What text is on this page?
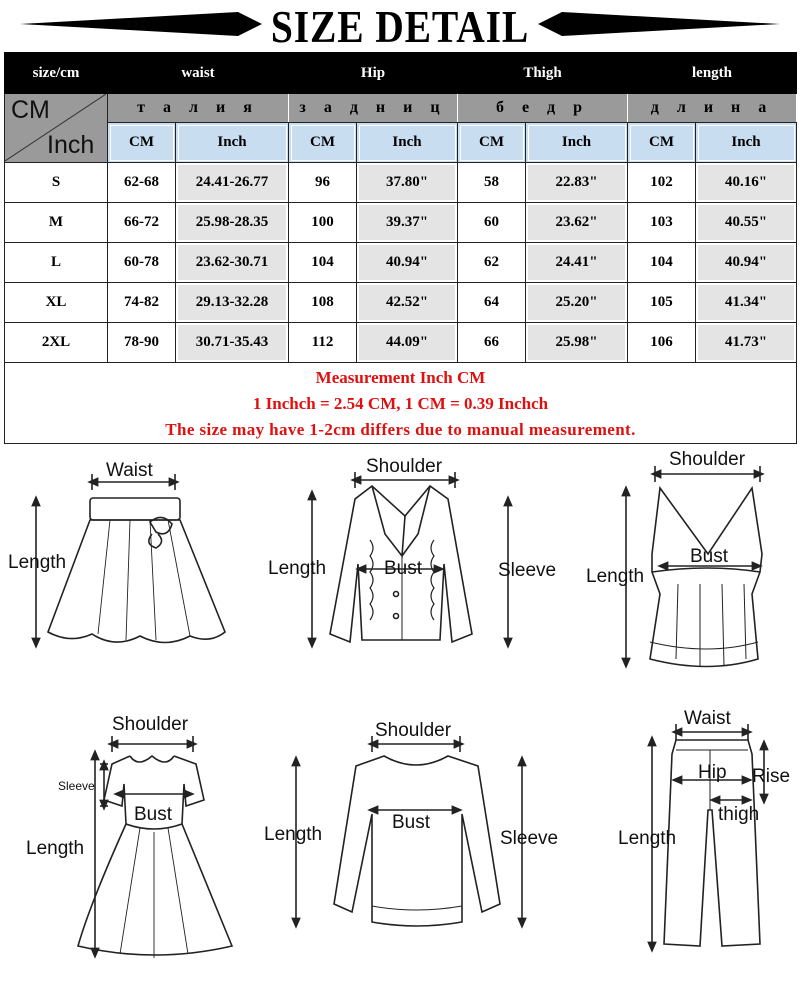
SIZE DETAIL
size/cm	waist		Hip		Thigh		length	

CM
Inch	т а л и я		з а д н и ц		б е д р		д л и н а	
	CM	Inch	CM	Inch	CM	Inch	CM	Inch
S	62-68	24.41-26.77	96	37.80"	58	22.83"	102	40.16"
M	66-72	25.98-28.35	100	39.37"	60	23.62"	103	40.55"
L	60-78	23.62-30.71	104	40.94"	62	24.41"	104	40.94"
XL	74-82	29.13-32.28	108	42.52"	64	25.20"	105	41.34"
2XL	78-90	30.71-35.43	112	44.09"	66	25.98"	106	41.73"

Measurement Inch CM
1 Inchch = 2.54 CM, 1 CM = 0.39 Inchch
The size may have 1-2cm differs due to manual measurement.								
Waist
Length
Shoulder
Length	Bust	Sleeve
Shoulder
Bust
Length
Shoulder
Sleeve
Bust
Length
Shoulder
Length
Bust
Sleeve
Waist
Hip Rise
thigh
Length
